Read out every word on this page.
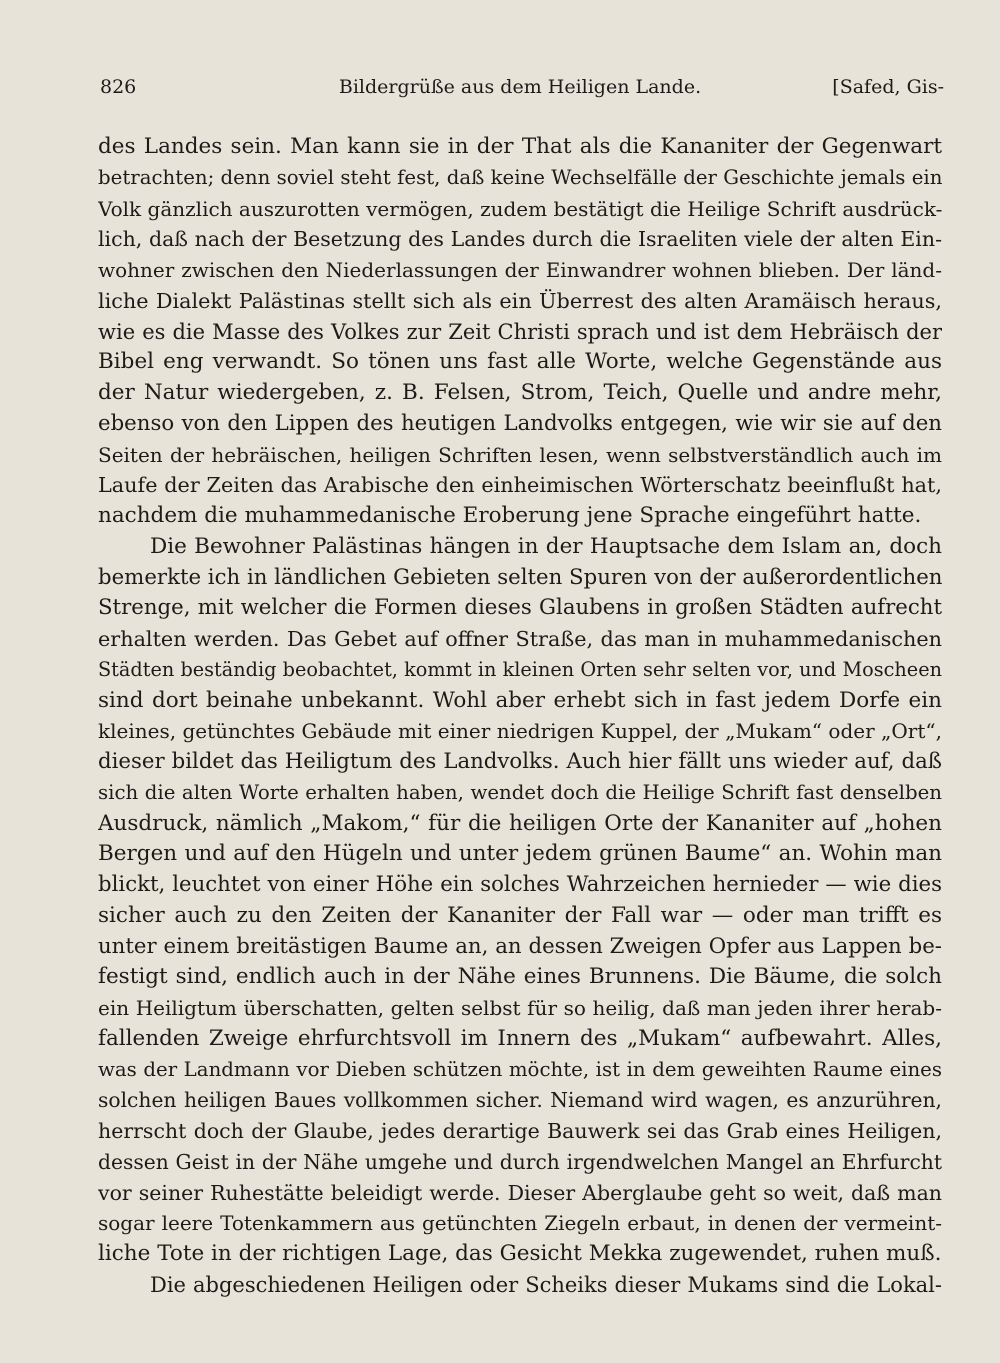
826	Bildergrüße aus dem Heiligen Lande.	[Safed, Gis-
des Landes sein. Man kann sie in der That als die Kananiter der Gegenwart
betrachten; denn soviel steht fest, daß keine Wechselfälle der Geschichte jemals ein
Volk gänzlich auszurotten vermögen, zudem bestätigt die Heilige Schrift ausdrück-
lich, daß nach der Besetzung des Landes durch die Israeliten viele der alten Ein-
wohner zwischen den Niederlassungen der Einwandrer wohnen blieben. Der länd-
liche Dialekt Palästinas stellt sich als ein Überrest des alten Aramäisch heraus,
wie es die Masse des Volkes zur Zeit Christi sprach und ist dem Hebräisch der
Bibel eng verwandt. So tönen uns fast alle Worte, welche Gegenstände aus
der Natur wiedergeben, z. B. Felsen, Strom, Teich, Quelle und andre mehr,
ebenso von den Lippen des heutigen Landvolks entgegen, wie wir sie auf den
Seiten der hebräischen, heiligen Schriften lesen, wenn selbstverständlich auch im
Laufe der Zeiten das Arabische den einheimischen Wörterschatz beeinflußt hat,
nachdem die muhammedanische Eroberung jene Sprache eingeführt hatte.
Die Bewohner Palästinas hängen in der Hauptsache dem Islam an, doch
bemerkte ich in ländlichen Gebieten selten Spuren von der außerordentlichen
Strenge, mit welcher die Formen dieses Glaubens in großen Städten aufrecht
erhalten werden. Das Gebet auf offner Straße, das man in muhammedanischen
Städten beständig beobachtet, kommt in kleinen Orten sehr selten vor, und Moscheen
sind dort beinahe unbekannt. Wohl aber erhebt sich in fast jedem Dorfe ein
kleines, getünchtes Gebäude mit einer niedrigen Kuppel, der „Mukam“ oder „Ort“,
dieser bildet das Heiligtum des Landvolks. Auch hier fällt uns wieder auf, daß
sich die alten Worte erhalten haben, wendet doch die Heilige Schrift fast denselben
Ausdruck, nämlich „Makom,“ für die heiligen Orte der Kananiter auf „hohen
Bergen und auf den Hügeln und unter jedem grünen Baume“ an. Wohin man
blickt, leuchtet von einer Höhe ein solches Wahrzeichen hernieder — wie dies
sicher auch zu den Zeiten der Kananiter der Fall war — oder man trifft es
unter einem breitästigen Baume an, an dessen Zweigen Opfer aus Lappen be-
festigt sind, endlich auch in der Nähe eines Brunnens. Die Bäume, die solch
ein Heiligtum überschatten, gelten selbst für so heilig, daß man jeden ihrer herab-
fallenden Zweige ehrfurchtsvoll im Innern des „Mukam“ aufbewahrt. Alles,
was der Landmann vor Dieben schützen möchte, ist in dem geweihten Raume eines
solchen heiligen Baues vollkommen sicher. Niemand wird wagen, es anzurühren,
herrscht doch der Glaube, jedes derartige Bauwerk sei das Grab eines Heiligen,
dessen Geist in der Nähe umgehe und durch irgendwelchen Mangel an Ehrfurcht
vor seiner Ruhestätte beleidigt werde. Dieser Aberglaube geht so weit, daß man
sogar leere Totenkammern aus getünchten Ziegeln erbaut, in denen der vermeint-
liche Tote in der richtigen Lage, das Gesicht Mekka zugewendet, ruhen muß.
Die abgeschiedenen Heiligen oder Scheiks dieser Mukams sind die Lokal-
